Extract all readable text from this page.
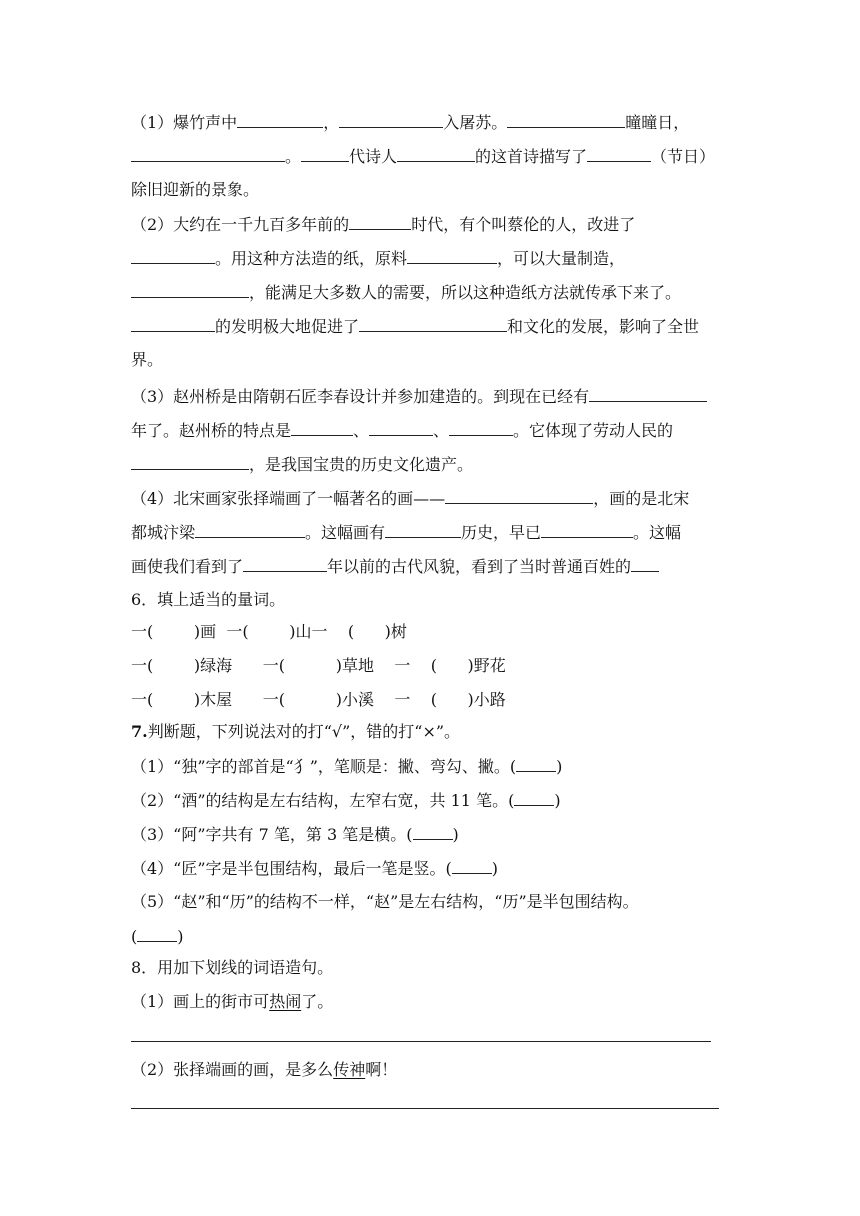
（1）爆竹声中	，	入屠苏。	曈曈日，
。	代诗人	的这首诗描写了	（节日）
除旧迎新的景象。
（2）大约在一千九百多年前的	时代，有个叫蔡伦的人，改进了
。用这种方法造的纸，原料	，可以大量制造，
，能满足大多数人的需要，所以这种造纸方法就传承下来了。
的发明极大地促进了	和文化的发展，影响了全世
界。
（3）赵州桥是由隋朝石匠李春设计并参加建造的。到现在已经有
年了。赵州桥的特点是	、	、	。它体现了劳动人民的
，是我国宝贵的历史文化遗产。
（4）北宋画家张择端画了一幅著名的画——	，画的是北宋
都城汴梁	。这幅画有	历史，早已	。这幅
画使我们看到了	年以前的古代风貌，看到了当时普通百姓的
6．填上适当的量词。
一(        )画  一(        )山一    (      )树
一(        )绿海      一(          )草地    一    (      )野花
一(        )木屋      一(          )小溪    一    (      )小路
7.判断题，下列说法对的打“√”，错的打“×”。
（1）“独”字的部首是“犭”，笔顺是：撇、弯勾、撇。(	)
（2）“酒”的结构是左右结构，左窄右宽，共 11 笔。(	)
（3）“阿”字共有 7 笔，第 3 笔是横。(	)
（4）“匠”字是半包围结构，最后一笔是竖。(	)
（5）“赵”和“历”的结构不一样，“赵”是左右结构，“历”是半包围结构。
(	)
8．用加下划线的词语造句。
（1）画上的街市可热闹了。
（2）张择端画的画，是多么传神啊！
